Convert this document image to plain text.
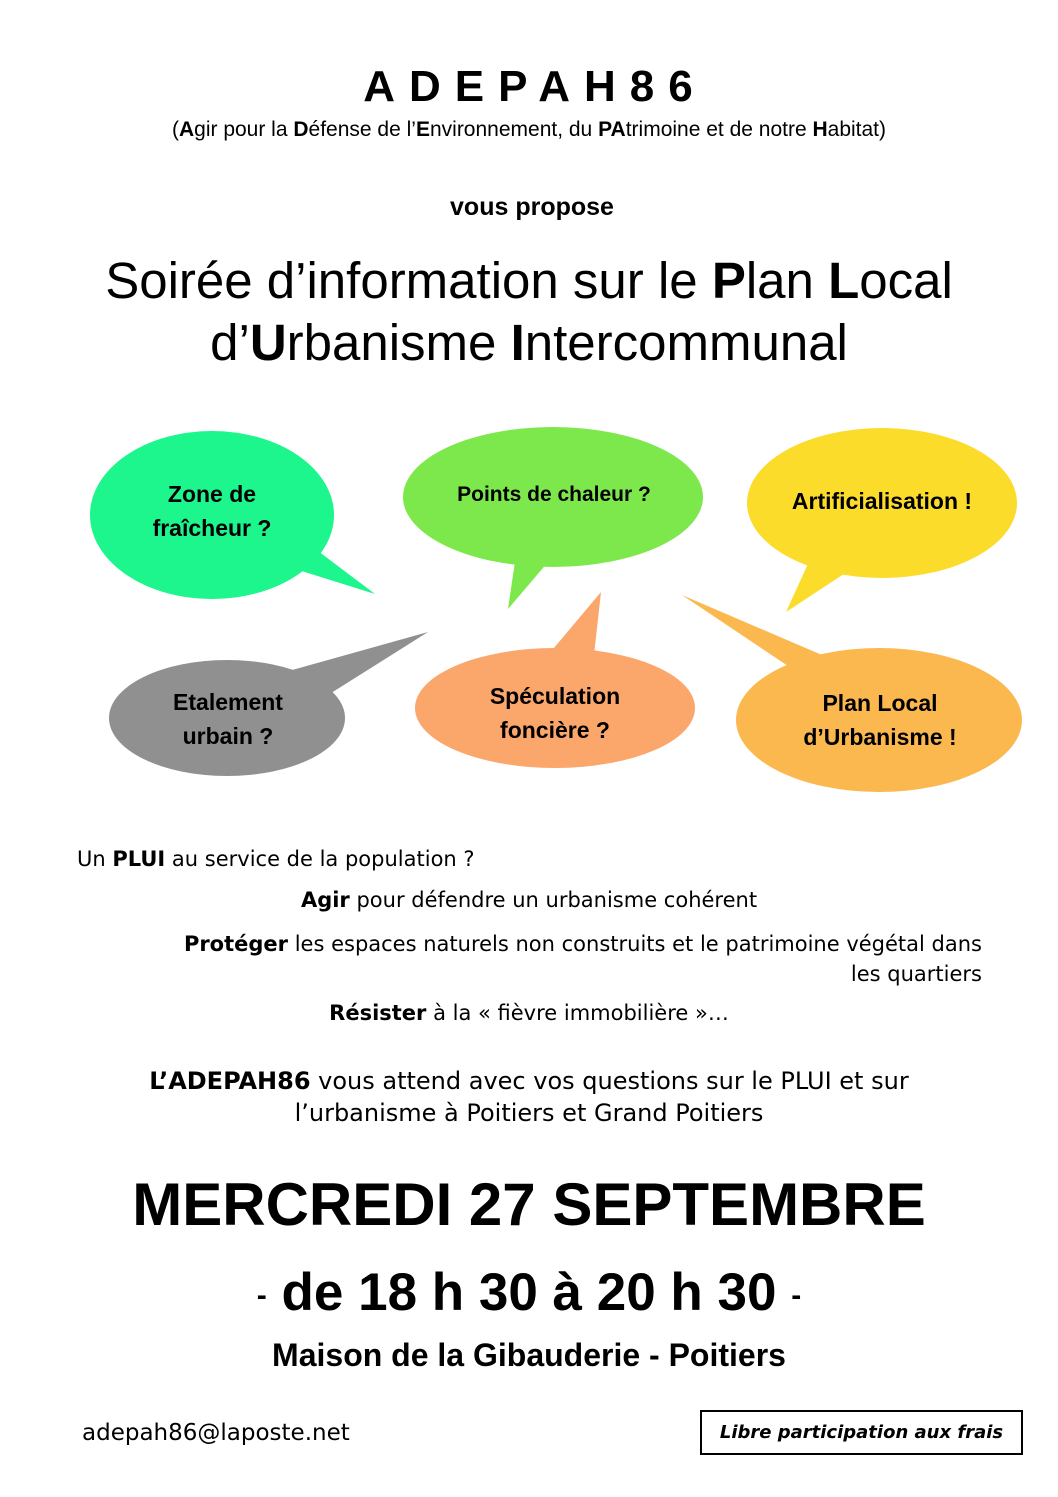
ADEPAH86
(Agir pour la Défense de l’Environnement, du PAtrimoine et de notre Habitat)
vous propose
Soirée d’information sur le Plan Local
d’Urbanisme Intercommunal
Zone de
fraîcheur ?
Points de chaleur ?	Artificialisation !
Etalement
urbain ?
Spéculation
foncière ?
Plan Local
d’Urbanisme !
Un PLUI au service de la population ?
Agir pour défendre un urbanisme cohérent
Protéger les espaces naturels non construits et le patrimoine végétal dans
les quartiers
Résister à la « fièvre immobilière »…
L’ADEPAH86 vous attend avec vos questions sur le PLUI et sur
l’urbanisme à Poitiers et Grand Poitiers
MERCREDI 27 SEPTEMBRE
- de 18 h 30 à 20 h 30 -
Maison de la Gibauderie - Poitiers
adepah86@laposte.net	Libre participation aux frais
